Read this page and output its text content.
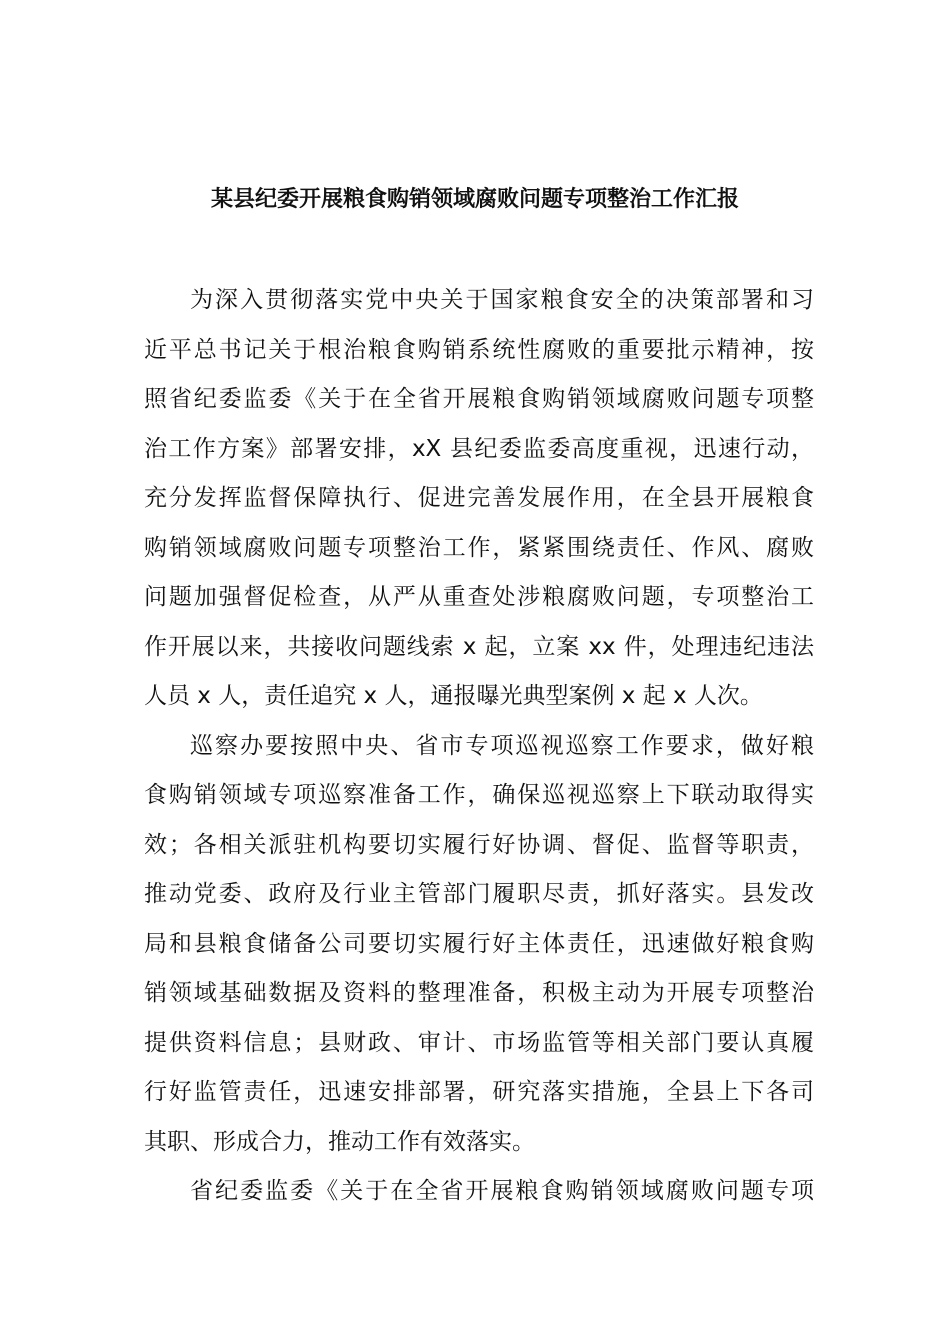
某县纪委开展粮食购销领域腐败问题专项整治工作汇报
为深入贯彻落实党中央关于国家粮食安全的决策部署和习
近平总书记关于根治粮食购销系统性腐败的重要批示精神，按
照省纪委监委《关于在全省开展粮食购销领域腐败问题专项整
治工作方案》部署安排，xX 县纪委监委高度重视，迅速行动，
充分发挥监督保障执行、促进完善发展作用，在全县开展粮食
购销领域腐败问题专项整治工作，紧紧围绕责任、作风、腐败
问题加强督促检查，从严从重查处涉粮腐败问题，专项整治工
作开展以来，共接收问题线索 x 起，立案 xx 件，处理违纪违法
人员 x 人，责任追究 x 人，通报曝光典型案例 x 起 x 人次。
巡察办要按照中央、省市专项巡视巡察工作要求，做好粮
食购销领域专项巡察准备工作，确保巡视巡察上下联动取得实
效；各相关派驻机构要切实履行好协调、督促、监督等职责，
推动党委、政府及行业主管部门履职尽责，抓好落实。县发改
局和县粮食储备公司要切实履行好主体责任，迅速做好粮食购
销领域基础数据及资料的整理准备，积极主动为开展专项整治
提供资料信息；县财政、审计、市场监管等相关部门要认真履
行好监管责任，迅速安排部署，研究落实措施，全县上下各司
其职、形成合力，推动工作有效落实。
省纪委监委《关于在全省开展粮食购销领域腐败问题专项
